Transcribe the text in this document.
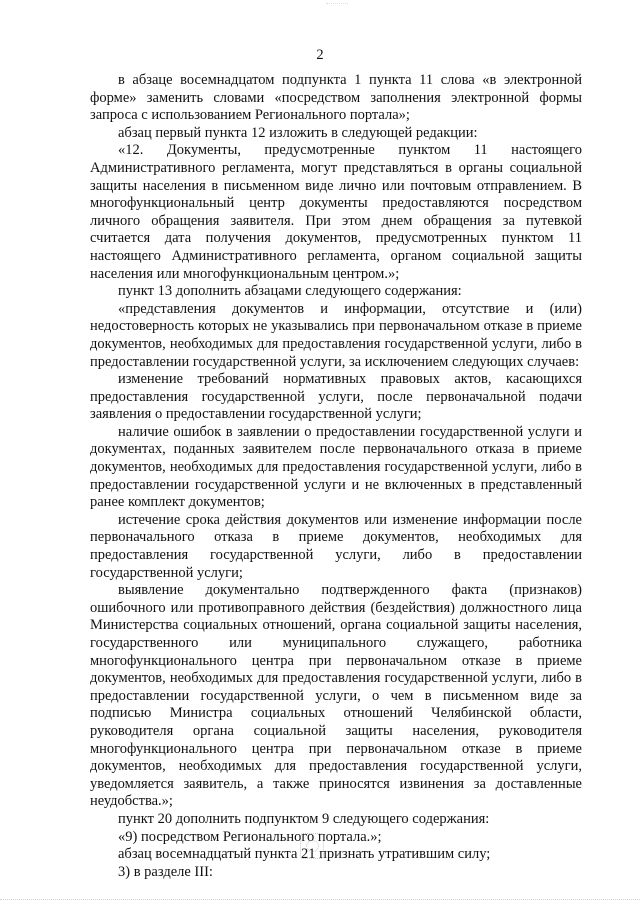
2

в абзаце восемнадцатом подпункта 1 пункта 11 слова «в электронной форме» заменить словами «посредством заполнения электронной формы запроса с использованием Регионального портала»;

абзац первый пункта 12 изложить в следующей редакции:

«12. Документы, предусмотренные пунктом 11 настоящего Административного регламента, могут представляться в органы социальной защиты населения в письменном виде лично или почтовым отправлением. В многофункциональный центр документы предоставляются посредством личного обращения заявителя. При этом днем обращения за путевкой считается дата получения документов, предусмотренных пунктом 11 настоящего Административного регламента, органом социальной защиты населения или многофункциональным центром.»;

пункт 13 дополнить абзацами следующего содержания:

«представления документов и информации, отсутствие и (или) недостоверность которых не указывались при первоначальном отказе в приеме документов, необходимых для предоставления государственной услуги, либо в предоставлении государственной услуги, за исключением следующих случаев:

изменение требований нормативных правовых актов, касающихся предоставления государственной услуги, после первоначальной подачи заявления о предоставлении государственной услуги;

наличие ошибок в заявлении о предоставлении государственной услуги и документах, поданных заявителем после первоначального отказа в приеме документов, необходимых для предоставления государственной услуги, либо в предоставлении государственной услуги и не включенных в представленный ранее комплект документов;

истечение срока действия документов или изменение информации после первоначального отказа в приеме документов, необходимых для предоставления государственной услуги, либо в предоставлении государственной услуги;

выявление документально подтвержденного факта (признаков) ошибочного или противоправного действия (бездействия) должностного лица Министерства социальных отношений, органа социальной защиты населения, государственного или муниципального служащего, работника многофункционального центра при первоначальном отказе в приеме документов, необходимых для предоставления государственной услуги, либо в предоставлении государственной услуги, о чем в письменном виде за подписью Министра социальных отношений Челябинской области, руководителя органа социальной защиты населения, руководителя многофункционального центра при первоначальном отказе в приеме документов, необходимых для предоставления государственной услуги, уведомляется заявитель, а также приносятся извинения за доставленные неудобства.»;

пункт 20 дополнить подпунктом 9 следующего содержания:

«9) посредством Регионального портала.»;

абзац восемнадцатый пункта 21 признать утратившим силу;

3) в разделе III:
